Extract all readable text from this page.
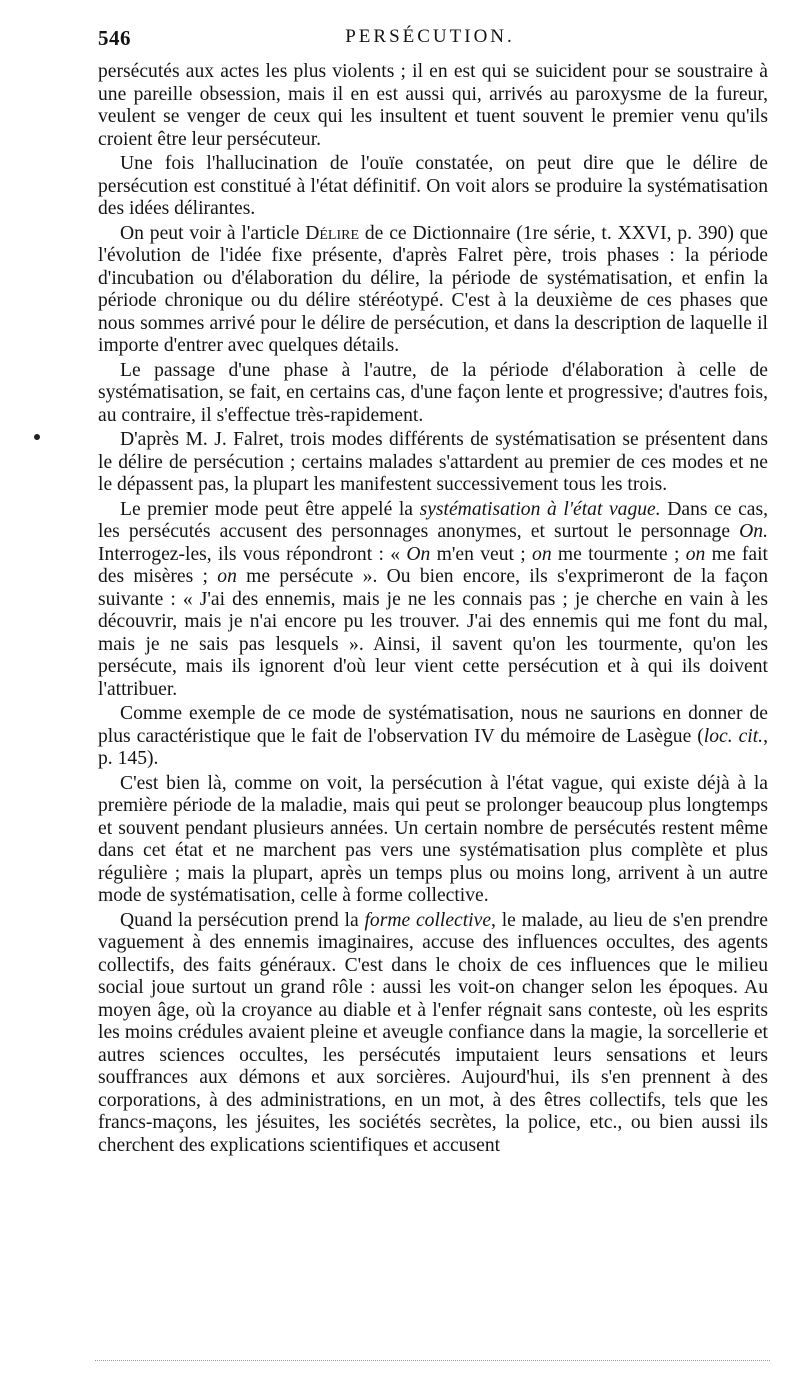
546	PERSÉCUTION.

persécutés aux actes les plus violents ; il en est qui se suicident pour se soustraire à une pareille obsession, mais il en est aussi qui, arrivés au paroxysme de la fureur, veulent se venger de ceux qui les insultent et tuent souvent le premier venu qu'ils croient être leur persécuteur.

Une fois l'hallucination de l'ouïe constatée, on peut dire que le délire de persécution est constitué à l'état définitif. On voit alors se produire la systématisation des idées délirantes.

On peut voir à l'article Délire de ce Dictionnaire (1re série, t. XXVI, p. 390) que l'évolution de l'idée fixe présente, d'après Falret père, trois phases : la période d'incubation ou d'élaboration du délire, la période de systématisation, et enfin la période chronique ou du délire stéréotypé. C'est à la deuxième de ces phases que nous sommes arrivé pour le délire de persécution, et dans la description de laquelle il importe d'entrer avec quelques détails.

Le passage d'une phase à l'autre, de la période d'élaboration à celle de systématisation, se fait, en certains cas, d'une façon lente et progressive; d'autres fois, au contraire, il s'effectue très-rapidement.

D'après M. J. Falret, trois modes différents de systématisation se présentent dans le délire de persécution ; certains malades s'attardent au premier de ces modes et ne le dépassent pas, la plupart les manifestent successivement tous les trois.

Le premier mode peut être appelé la systématisation à l'état vague. Dans ce cas, les persécutés accusent des personnages anonymes, et surtout le personnage On. Interrogez-les, ils vous répondront : « On m'en veut ; on me tourmente ; on me fait des misères ; on me persécute ». Ou bien encore, ils s'exprimeront de la façon suivante : « J'ai des ennemis, mais je ne les connais pas ; je cherche en vain à les découvrir, mais je n'ai encore pu les trouver. J'ai des ennemis qui me font du mal, mais je ne sais pas lesquels ». Ainsi, il savent qu'on les tourmente, qu'on les persécute, mais ils ignorent d'où leur vient cette persécution et à qui ils doivent l'attribuer.

Comme exemple de ce mode de systématisation, nous ne saurions en donner de plus caractéristique que le fait de l'observation IV du mémoire de Lasègue (loc. cit., p. 145).

C'est bien là, comme on voit, la persécution à l'état vague, qui existe déjà à la première période de la maladie, mais qui peut se prolonger beaucoup plus longtemps et souvent pendant plusieurs années. Un certain nombre de persécutés restent même dans cet état et ne marchent pas vers une systématisation plus complète et plus régulière ; mais la plupart, après un temps plus ou moins long, arrivent à un autre mode de systématisation, celle à forme collective.

Quand la persécution prend la forme collective, le malade, au lieu de s'en prendre vaguement à des ennemis imaginaires, accuse des influences occultes, des agents collectifs, des faits généraux. C'est dans le choix de ces influences que le milieu social joue surtout un grand rôle : aussi les voit-on changer selon les époques. Au moyen âge, où la croyance au diable et à l'enfer régnait sans conteste, où les esprits les moins crédules avaient pleine et aveugle confiance dans la magie, la sorcellerie et autres sciences occultes, les persécutés imputaient leurs sensations et leurs souffrances aux démons et aux sorcières. Aujourd'hui, ils s'en prennent à des corporations, à des administrations, en un mot, à des êtres collectifs, tels que les francs-maçons, les jésuites, les sociétés secrètes, la police, etc., ou bien aussi ils cherchent des explications scientifiques et accusent
